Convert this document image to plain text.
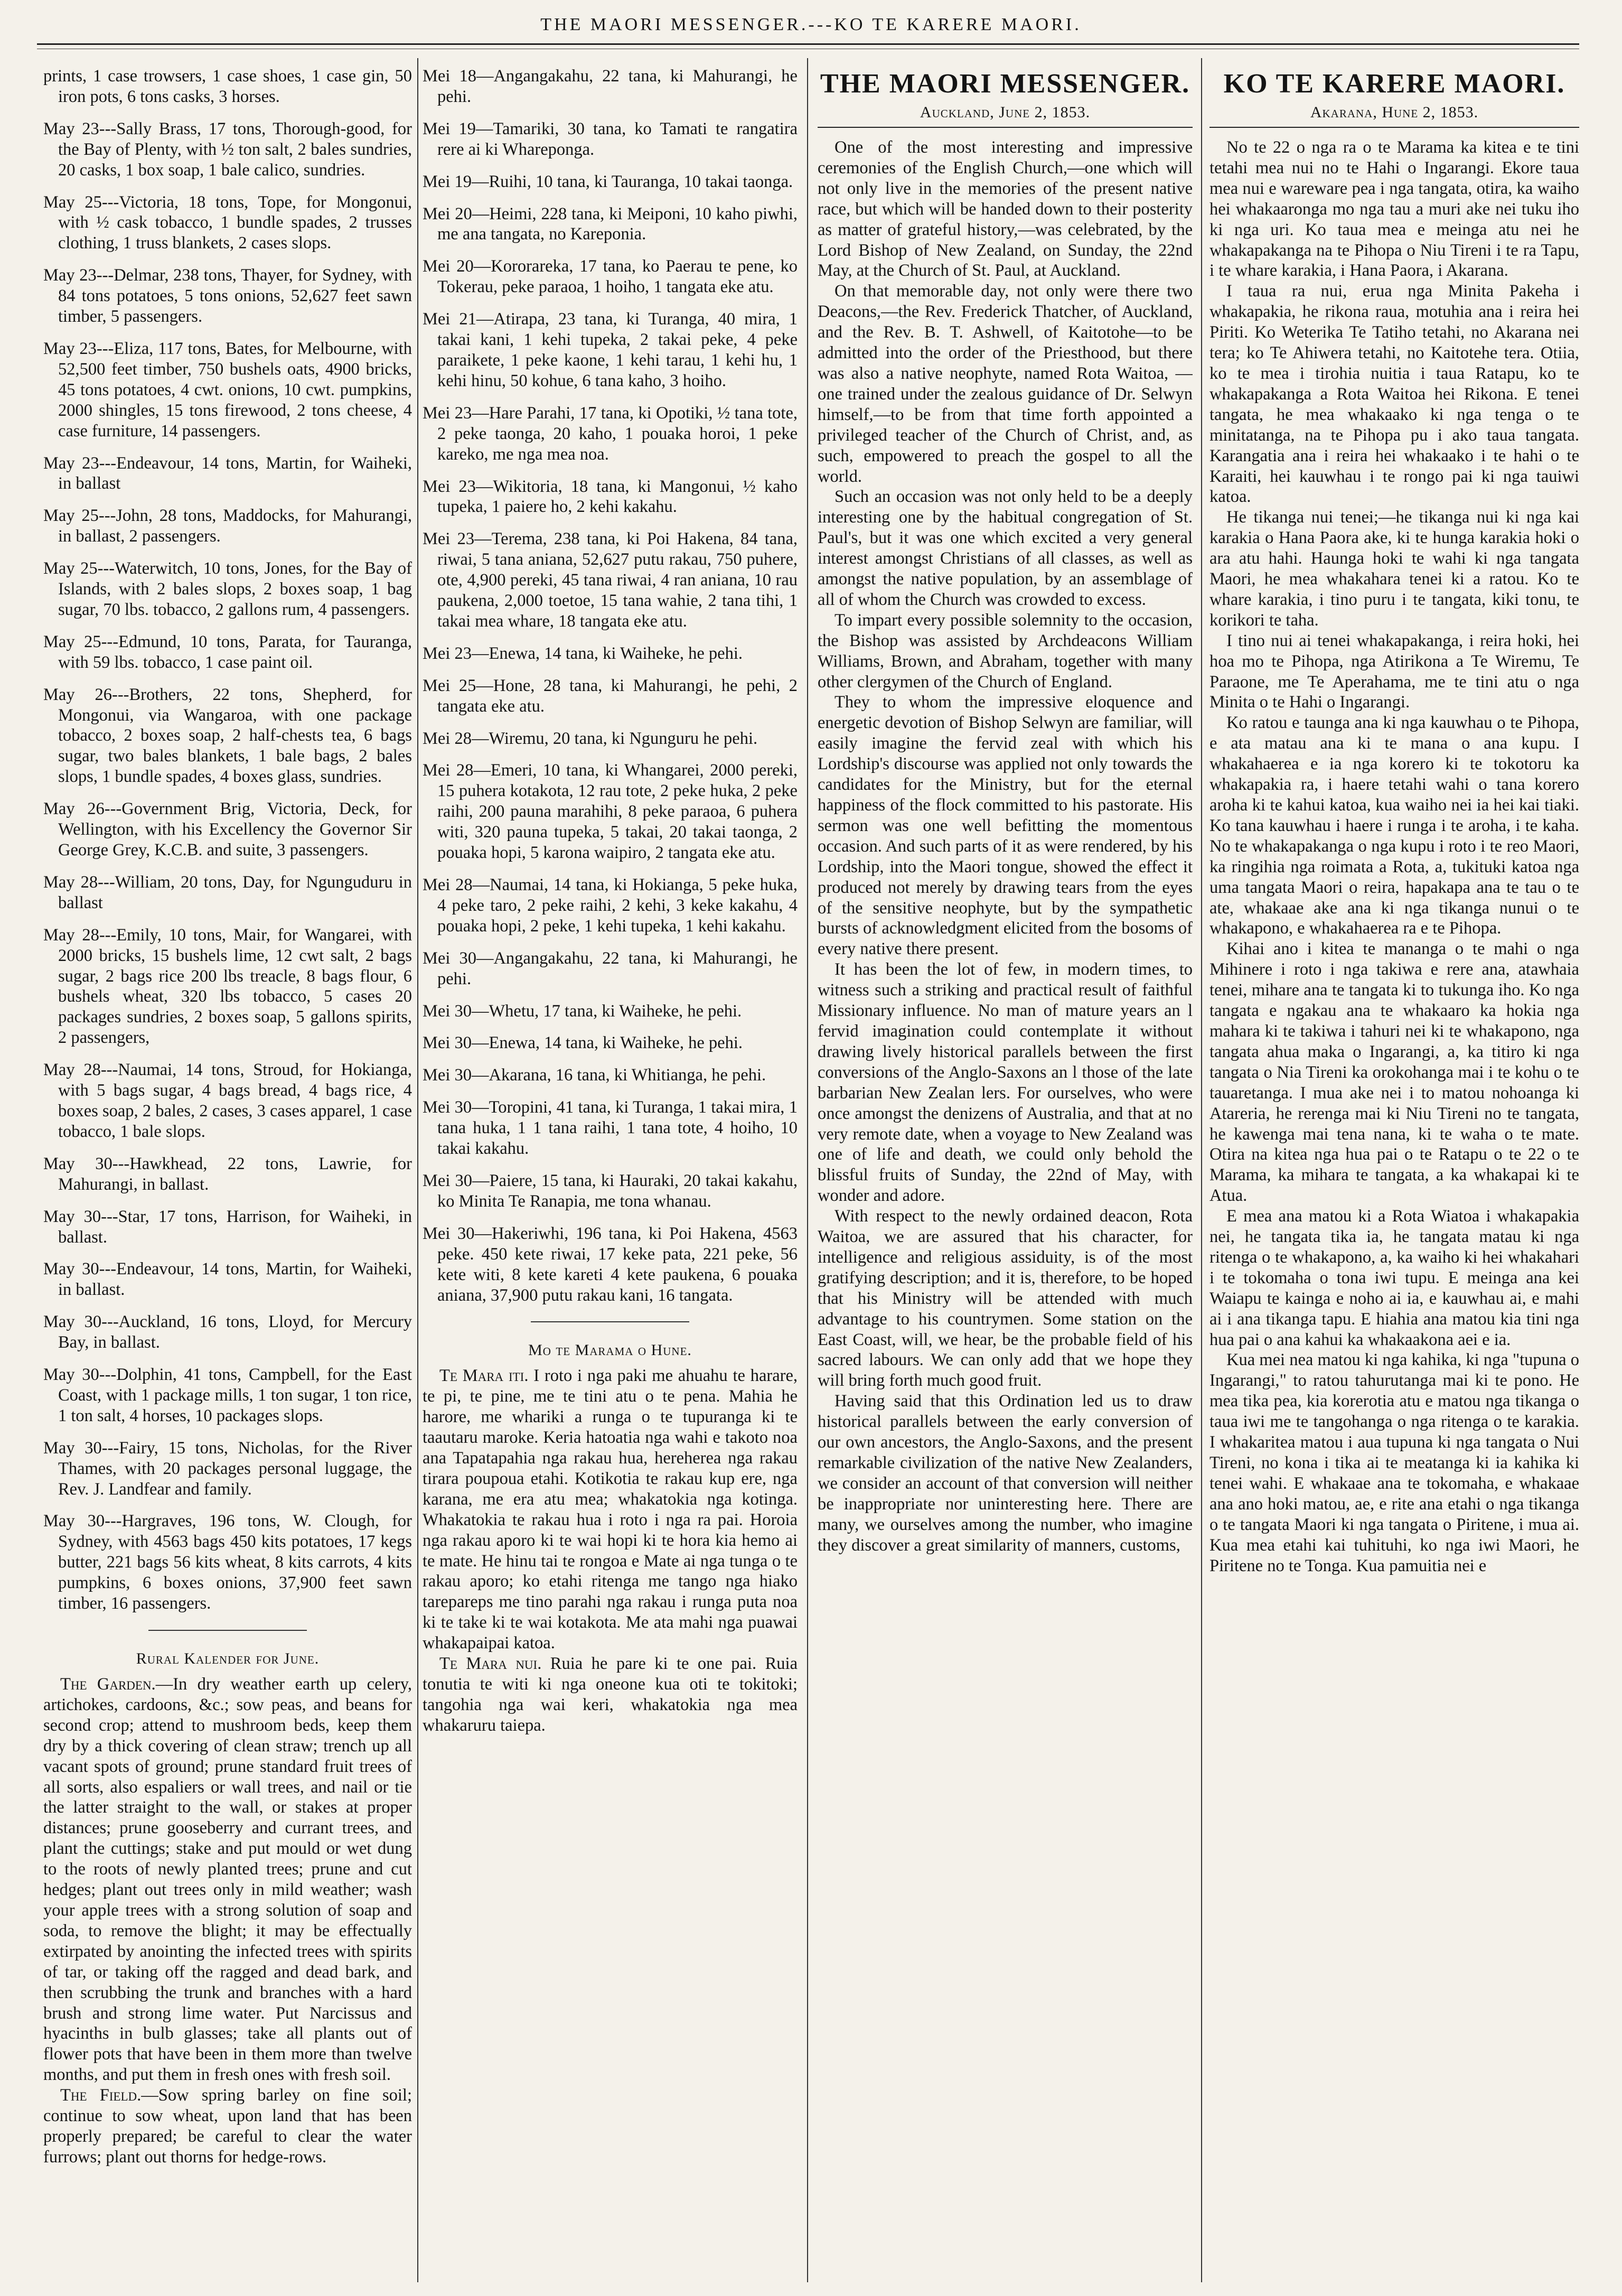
THE MAORI MESSENGER.---KO TE KARERE MAORI.

prints, 1 case trowsers, 1 case shoes, 1 case gin, 50 iron pots, 6 tons casks, 3 horses.

May 23---Sally Brass, 17 tons, Thorough-good, for the Bay of Plenty, with ½ ton salt, 2 bales sundries, 20 casks, 1 box soap, 1 bale calico, sundries.

May 25---Victoria, 18 tons, Tope, for Mongonui, with ½ cask tobacco, 1 bundle spades, 2 trusses clothing, 1 truss blankets, 2 cases slops.

May 23---Delmar, 238 tons, Thayer, for Sydney, with 84 tons potatoes, 5 tons onions, 52,627 feet sawn timber, 5 passengers.

May 23---Eliza, 117 tons, Bates, for Melbourne, with 52,500 feet timber, 750 bushels oats, 4900 bricks, 45 tons potatoes, 4 cwt. onions, 10 cwt. pumpkins, 2000 shingles, 15 tons firewood, 2 tons cheese, 4 case furniture, 14 passengers.

May 23---Endeavour, 14 tons, Martin, for Waiheki, in ballast

May 25---John, 28 tons, Maddocks, for Mahurangi, in ballast, 2 passengers.

May 25---Waterwitch, 10 tons, Jones, for the Bay of Islands, with 2 bales slops, 2 boxes soap, 1 bag sugar, 70 lbs. tobacco, 2 gallons rum, 4 passengers.

May 25---Edmund, 10 tons, Parata, for Tauranga, with 59 lbs. tobacco, 1 case paint oil.

May 26---Brothers, 22 tons, Shepherd, for Mongonui, via Wangaroa, with one package tobacco, 2 boxes soap, 2 half-chests tea, 6 bags sugar, two bales blankets, 1 bale bags, 2 bales slops, 1 bundle spades, 4 boxes glass, sundries.

May 26---Government Brig, Victoria, Deck, for Wellington, with his Excellency the Governor Sir George Grey, K.C.B. and suite, 3 passengers.

May 28---William, 20 tons, Day, for Ngunguduru in ballast

May 28---Emily, 10 tons, Mair, for Wangarei, with 2000 bricks, 15 bushels lime, 12 cwt salt, 2 bags sugar, 2 bags rice 200 lbs treacle, 8 bags flour, 6 bushels wheat, 320 lbs tobacco, 5 cases 20 packages sundries, 2 boxes soap, 5 gallons spirits, 2 passengers,

May 28---Naumai, 14 tons, Stroud, for Hokianga, with 5 bags sugar, 4 bags bread, 4 bags rice, 4 boxes soap, 2 bales, 2 cases, 3 cases apparel, 1 case tobacco, 1 bale slops.

May 30---Hawkhead, 22 tons, Lawrie, for Mahurangi, in ballast.

May 30---Star, 17 tons, Harrison, for Waiheki, in ballast.

May 30---Endeavour, 14 tons, Martin, for Waiheki, in ballast.

May 30---Auckland, 16 tons, Lloyd, for Mercury Bay, in ballast.

May 30---Dolphin, 41 tons, Campbell, for the East Coast, with 1 package mills, 1 ton sugar, 1 ton rice, 1 ton salt, 4 horses, 10 packages slops.

May 30---Fairy, 15 tons, Nicholas, for the River Thames, with 20 packages personal luggage, the Rev. J. Landfear and family.

May 30---Hargraves, 196 tons, W. Clough, for Sydney, with 4563 bags 450 kits potatoes, 17 kegs butter, 221 bags 56 kits wheat, 8 kits carrots, 4 kits pumpkins, 6 boxes onions, 37,900 feet sawn timber, 16 passengers.

Rural Kalender for June.

The Garden.—In dry weather earth up celery, artichokes, cardoons, &c.; sow peas, and beans for second crop; attend to mushroom beds, keep them dry by a thick covering of clean straw; trench up all vacant spots of ground; prune standard fruit trees of all sorts, also espaliers or wall trees, and nail or tie the latter straight to the wall, or stakes at proper distances; prune gooseberry and currant trees, and plant the cuttings; stake and put mould or wet dung to the roots of newly planted trees; prune and cut hedges; plant out trees only in mild weather; wash your apple trees with a strong solution of soap and soda, to remove the blight; it may be effectually extirpated by anointing the infected trees with spirits of tar, or taking off the ragged and dead bark, and then scrubbing the trunk and branches with a hard brush and strong lime water. Put Narcissus and hyacinths in bulb glasses; take all plants out of flower pots that have been in them more than twelve months, and put them in fresh ones with fresh soil.

The Field.—Sow spring barley on fine soil; continue to sow wheat, upon land that has been properly prepared; be careful to clear the water furrows; plant out thorns for hedge-rows.

Mei 18—Angangakahu, 22 tana, ki Mahurangi, he pehi.

Mei 19—Tamariki, 30 tana, ko Tamati te rangatira rere ai ki Whareponga.

Mei 19—Ruihi, 10 tana, ki Tauranga, 10 takai taonga.

Mei 20—Heimi, 228 tana, ki Meiponi, 10 kaho piwhi, me ana tangata, no Kareponia.

Mei 20—Kororareka, 17 tana, ko Paerau te pene, ko Tokerau, peke paraoa, 1 hoiho, 1 tangata eke atu.

Mei 21—Atirapa, 23 tana, ki Turanga, 40 mira, 1 takai kani, 1 kehi tupeka, 2 takai peke, 4 peke paraikete, 1 peke kaone, 1 kehi tarau, 1 kehi hu, 1 kehi hinu, 50 kohue, 6 tana kaho, 3 hoiho.

Mei 23—Hare Parahi, 17 tana, ki Opotiki, ½ tana tote, 2 peke taonga, 20 kaho, 1 pouaka horoi, 1 peke kareko, me nga mea noa.

Mei 23—Wikitoria, 18 tana, ki Mangonui, ½ kaho tupeka, 1 paiere ho, 2 kehi kakahu.

Mei 23—Terema, 238 tana, ki Poi Hakena, 84 tana, riwai, 5 tana aniana, 52,627 putu rakau, 750 puhere, ote, 4,900 pereki, 45 tana riwai, 4 ran aniana, 10 rau paukena, 2,000 toetoe, 15 tana wahie, 2 tana tihi, 1 takai mea whare, 18 tangata eke atu.

Mei 23—Enewa, 14 tana, ki Waiheke, he pehi.

Mei 25—Hone, 28 tana, ki Mahurangi, he pehi, 2 tangata eke atu.

Mei 28—Wiremu, 20 tana, ki Ngunguru he pehi.

Mei 28—Emeri, 10 tana, ki Whangarei, 2000 pereki, 15 puhera kotakota, 12 rau tote, 2 peke huka, 2 peke raihi, 200 pauna marahihi, 8 peke paraoa, 6 puhera witi, 320 pauna tupeka, 5 takai, 20 takai taonga, 2 pouaka hopi, 5 karona waipiro, 2 tangata eke atu.

Mei 28—Naumai, 14 tana, ki Hokianga, 5 peke huka, 4 peke taro, 2 peke raihi, 2 kehi, 3 keke kakahu, 4 pouaka hopi, 2 peke, 1 kehi tupeka, 1 kehi kakahu.

Mei 30—Angangakahu, 22 tana, ki Mahurangi, he pehi.

Mei 30—Whetu, 17 tana, ki Waiheke, he pehi.

Mei 30—Enewa, 14 tana, ki Waiheke, he pehi.

Mei 30—Akarana, 16 tana, ki Whitianga, he pehi.

Mei 30—Toropini, 41 tana, ki Turanga, 1 takai mira, 1 tana huka, 1 1 tana raihi, 1 tana tote, 4 hoiho, 10 takai kakahu.

Mei 30—Paiere, 15 tana, ki Hauraki, 20 takai kakahu, ko Minita Te Ranapia, me tona whanau.

Mei 30—Hakeriwhi, 196 tana, ki Poi Hakena, 4563 peke. 450 kete riwai, 17 keke pata, 221 peke, 56 kete witi, 8 kete kareti 4 kete paukena, 6 pouaka aniana, 37,900 putu rakau kani, 16 tangata.

Mo te Marama o Hune.

Te Mara iti. I roto i nga paki me ahuahu te harare, te pi, te pine, me te tini atu o te pena. Mahia he harore, me whariki a runga o te tupuranga ki te taautaru maroke. Keria hatoatia nga wahi e takoto noa ana Tapatapahia nga rakau hua, hereherea nga rakau tirara poupoua etahi. Kotikotia te rakau kup ere, nga karana, me era atu mea; whakatokia nga kotinga. Whakatokia te rakau hua i roto i nga ra pai. Horoia nga rakau aporo ki te wai hopi ki te hora kia hemo ai te mate. He hinu tai te rongoa e Mate ai nga tunga o te rakau aporo; ko etahi ritenga me tango nga hiako tarepareps me tino parahi nga rakau i runga puta noa ki te take ki te wai kotakota. Me ata mahi nga puawai whakapaipai katoa.

Te Mara nui. Ruia he pare ki te one pai. Ruia tonutia te witi ki nga oneone kua oti te tokitoki; tangohia nga wai keri, whakatokia nga mea whakaruru taiepa.

THE MAORI MESSENGER.
Auckland, June 2, 1853.

One of the most interesting and impressive ceremonies of the English Church,—one which will not only live in the memories of the present native race, but which will be handed down to their posterity as matter of grateful history,—was celebrated, by the Lord Bishop of New Zealand, on Sunday, the 22nd May, at the Church of St. Paul, at Auckland.

On that memorable day, not only were there two Deacons,—the Rev. Frederick Thatcher, of Auckland, and the Rev. B. T. Ashwell, of Kaitotohe—to be admitted into the order of the Priesthood, but there was also a native neophyte, named Rota Waitoa, —one trained under the zealous guidance of Dr. Selwyn himself,—to be from that time forth appointed a privileged teacher of the Church of Christ, and, as such, empowered to preach the gospel to all the world.

Such an occasion was not only held to be a deeply interesting one by the habitual congregation of St. Paul's, but it was one which excited a very general interest amongst Christians of all classes, as well as amongst the native population, by an assemblage of all of whom the Church was crowded to excess.

To impart every possible solemnity to the occasion, the Bishop was assisted by Archdeacons William Williams, Brown, and Abraham, together with many other clergymen of the Church of England.

They to whom the impressive eloquence and energetic devotion of Bishop Selwyn are familiar, will easily imagine the fervid zeal with which his Lordship's discourse was applied not only towards the candidates for the Ministry, but for the eternal happiness of the flock committed to his pastorate. His sermon was one well befitting the momentous occasion. And such parts of it as were rendered, by his Lordship, into the Maori tongue, showed the effect it produced not merely by drawing tears from the eyes of the sensitive neophyte, but by the sympathetic bursts of acknowledgment elicited from the bosoms of every native there present.

It has been the lot of few, in modern times, to witness such a striking and practical result of faithful Missionary influence. No man of mature years an l fervid imagination could contemplate it without drawing lively historical parallels between the first conversions of the Anglo-Saxons an l those of the late barbarian New Zealan lers. For ourselves, who were once amongst the denizens of Australia, and that at no very remote date, when a voyage to New Zealand was one of life and death, we could only behold the blissful fruits of Sunday, the 22nd of May, with wonder and adore.

With respect to the newly ordained deacon, Rota Waitoa, we are assured that his character, for intelligence and religious assiduity, is of the most gratifying description; and it is, therefore, to be hoped that his Ministry will be attended with much advantage to his countrymen. Some station on the East Coast, will, we hear, be the probable field of his sacred labours. We can only add that we hope they will bring forth much good fruit.

Having said that this Ordination led us to draw historical parallels between the early conversion of our own ancestors, the Anglo-Saxons, and the present remarkable civilization of the native New Zealanders, we consider an account of that conversion will neither be inappropriate nor uninteresting here. There are many, we ourselves among the number, who imagine they discover a great similarity of manners, customs,

KO TE KARERE MAORI.
Akarana, Hune 2, 1853.

No te 22 o nga ra o te Marama ka kitea e te tini tetahi mea nui no te Hahi o Ingarangi. Ekore taua mea nui e wareware pea i nga tangata, otira, ka waiho hei whakaaronga mo nga tau a muri ake nei tuku iho ki nga uri. Ko taua mea e meinga atu nei he whakapakanga na te Pihopa o Niu Tireni i te ra Tapu, i te whare karakia, i Hana Paora, i Akarana.

I taua ra nui, erua nga Minita Pakeha i whakapakia, he rikona raua, motuhia ana i reira hei Piriti. Ko Weterika Te Tatiho tetahi, no Akarana nei tera; ko Te Ahiwera tetahi, no Kaitotehe tera. Otiia, ko te mea i tirohia nuitia i taua Ratapu, ko te whakapakanga a Rota Waitoa hei Rikona. E tenei tangata, he mea whakaako ki nga tenga o te minitatanga, na te Pihopa pu i ako taua tangata. Karangatia ana i reira hei whakaako i te hahi o te Karaiti, hei kauwhau i te rongo pai ki nga tauiwi katoa.

He tikanga nui tenei;—he tikanga nui ki nga kai karakia o Hana Paora ake, ki te hunga karakia hoki o ara atu hahi. Haunga hoki te wahi ki nga tangata Maori, he mea whakahara tenei ki a ratou. Ko te whare karakia, i tino puru i te tangata, kiki tonu, te korikori te taha.

I tino nui ai tenei whakapakanga, i reira hoki, hei hoa mo te Pihopa, nga Atirikona a Te Wiremu, Te Paraone, me Te Aperahama, me te tini atu o nga Minita o te Hahi o Ingarangi.

Ko ratou e taunga ana ki nga kauwhau o te Pihopa, e ata matau ana ki te mana o ana kupu. I whakahaerea e ia nga korero ki te tokotoru ka whakapakia ra, i haere tetahi wahi o tana korero aroha ki te kahui katoa, kua waiho nei ia hei kai tiaki. Ko tana kauwhau i haere i runga i te aroha, i te kaha. No te whakapakanga o nga kupu i roto i te reo Maori, ka ringihia nga roimata a Rota, a, tukituki katoa nga uma tangata Maori o reira, hapakapa ana te tau o te ate, whakaae ake ana ki nga tikanga nunui o te whakapono, e whakahaerea ra e te Pihopa.

Kihai ano i kitea te mananga o te mahi o nga Mihinere i roto i nga takiwa e rere ana, atawhaia tenei, mihare ana te tangata ki to tukunga iho. Ko nga tangata e ngakau ana te whakaaro ka hokia nga mahara ki te takiwa i tahuri nei ki te whakapono, nga tangata ahua maka o Ingarangi, a, ka titiro ki nga tangata o Nia Tireni ka orokohanga mai i te kohu o te tauaretanga. I mua ake nei i to matou nohoanga ki Atareria, he rerenga mai ki Niu Tireni no te tangata, he kawenga mai tena nana, ki te waha o te mate. Otira na kitea nga hua pai o te Ratapu o te 22 o te Marama, ka mihara te tangata, a ka whakapai ki te Atua.

E mea ana matou ki a Rota Wiatoa i whakapakia nei, he tangata tika ia, he tangata matau ki nga ritenga o te whakapono, a, ka waiho ki hei whakahari i te tokomaha o tona iwi tupu. E meinga ana kei Waiapu te kainga e noho ai ia, e kauwhau ai, e mahi ai i ana tikanga tapu. E hiahia ana matou kia tini nga hua pai o ana kahui ka whakaakona aei e ia.

Kua mei nea matou ki nga kahika, ki nga "tupuna o Ingarangi," to ratou tahurutanga mai ki te pono. He mea tika pea, kia korerotia atu e matou nga tikanga o taua iwi me te tangohanga o nga ritenga o te karakia. I whakaritea matou i aua tupuna ki nga tangata o Nui Tireni, no kona i tika ai te meatanga ki ia kahika ki tenei wahi. E whakaae ana te tokomaha, e whakaae ana ano hoki matou, ae, e rite ana etahi o nga tikanga o te tangata Maori ki nga tangata o Piritene, i mua ai. Kua mea etahi kai tuhituhi, ko nga iwi Maori, he Piritene no te Tonga. Kua pamuitia nei e
